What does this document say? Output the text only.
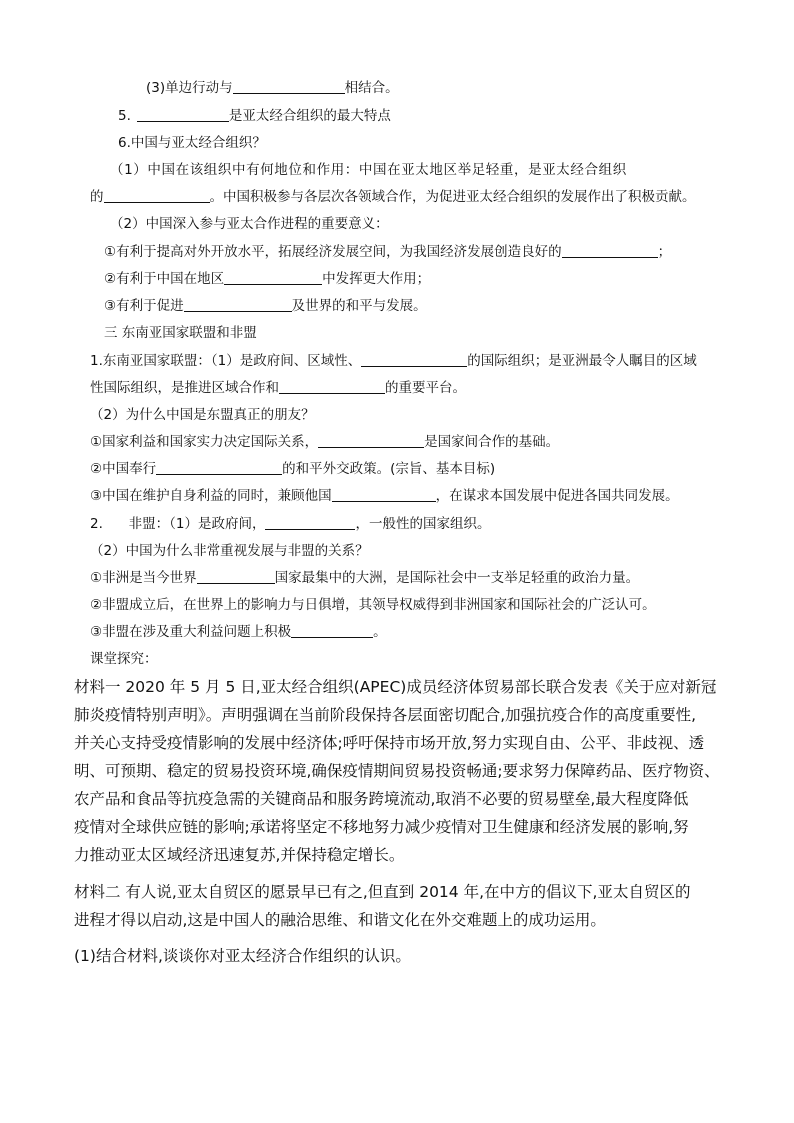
(3)单边行动与	相结合。
5.	是亚太经合组织的最大特点
6.中国与亚太经合组织？
（1）中国在该组织中有何地位和作用：中国在亚太地区举足轻重，是亚太经合组织
的	。中国积极参与各层次各领域合作，为促进亚太经合组织的发展作出了积极贡献。
（2）中国深入参与亚太合作进程的重要意义：
①有利于提高对外开放水平，拓展经济发展空间，为我国经济发展创造良好的	；
②有利于中国在地区	中发挥更大作用；
③有利于促进	及世界的和平与发展。
三 东南亚国家联盟和非盟
1.东南亚国家联盟：（1）是政府间、区域性、	的国际组织；是亚洲最令人瞩目的区域
性国际组织，是推进区域合作和	的重要平台。
（2）为什么中国是东盟真正的朋友？
①国家利益和国家实力决定国际关系，	是国家间合作的基础。
②中国奉行	的和平外交政策。(宗旨、基本目标)
③中国在维护自身利益的同时，兼顾他国	，在谋求本国发展中促进各国共同发展。
2.      非盟：（1）是政府间，	，一般性的国家组织。
（2）中国为什么非常重视发展与非盟的关系？
①非洲是当今世界	国家最集中的大洲，是国际社会中一支举足轻重的政治力量。
②非盟成立后，在世界上的影响力与日俱增，其领导权威得到非洲国家和国际社会的广泛认可。
③非盟在涉及重大利益问题上积极	。
课堂探究：
材料一 2020 年 5 月 5 日,亚太经合组织(APEC)成员经济体贸易部长联合发表《关于应对新冠
肺炎疫情特别声明》。声明强调在当前阶段保持各层面密切配合,加强抗疫合作的高度重要性,
并关心支持受疫情影响的发展中经济体;呼吁保持市场开放,努力实现自由、公平、非歧视、透
明、可预期、稳定的贸易投资环境,确保疫情期间贸易投资畅通;要求努力保障药品、医疗物资、
农产品和食品等抗疫急需的关键商品和服务跨境流动,取消不必要的贸易壁垒,最大程度降低
疫情对全球供应链的影响;承诺将坚定不移地努力减少疫情对卫生健康和经济发展的影响,努
力推动亚太区域经济迅速复苏,并保持稳定增长。
材料二 有人说,亚太自贸区的愿景早已有之,但直到 2014 年,在中方的倡议下,亚太自贸区的
进程才得以启动,这是中国人的融洽思维、和谐文化在外交难题上的成功运用。
(1)结合材料,谈谈你对亚太经济合作组织的认识。
